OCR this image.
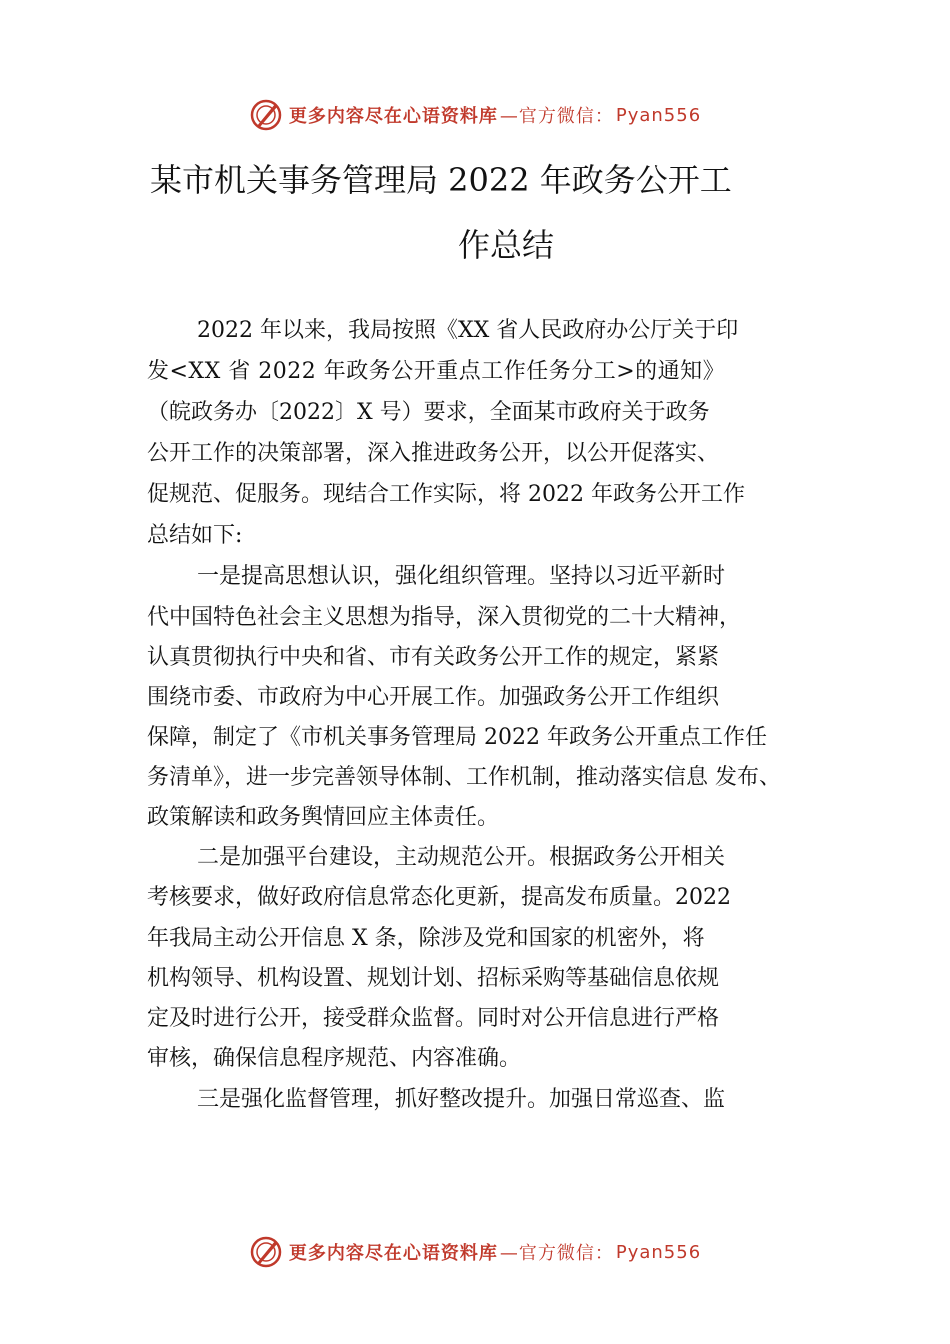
更多内容尽在心语资料库 —官方微信： Pyan556
某市机关事务管理局 2022 年政务公开工
作总结
2022 年以来，我局按照《XX 省人民政府办公厅关于印
发<XX 省 2022 年政务公开重点工作任务分工>的通知》
（皖政务办〔2022〕X 号）要求，全面某市政府关于政务
公开工作的决策部署，深入推进政务公开，以公开促落实、
促规范、促服务。现结合工作实际，将 2022 年政务公开工作
总结如下:
一是提高思想认识，强化组织管理。坚持以习近平新时
代中国特色社会主义思想为指导，深入贯彻党的二十大精神，
认真贯彻执行中央和省、市有关政务公开工作的规定，紧紧
围绕市委、市政府为中心开展工作。加强政务公开工作组织
保障，制定了《市机关事务管理局 2022 年政务公开重点工作任
务清单》，进一步完善领导体制、工作机制，推动落实信息 发布、
政策解读和政务舆情回应主体责任。
二是加强平台建设，主动规范公开。根据政务公开相关
考核要求，做好政府信息常态化更新，提高发布质量。2022
年我局主动公开信息 X 条，除涉及党和国家的机密外，将
机构领导、机构设置、规划计划、招标采购等基础信息依规
定及时进行公开，接受群众监督。同时对公开信息进行严格
审核，确保信息程序规范、内容准确。
三是强化监督管理，抓好整改提升。加强日常巡查、监
更多内容尽在心语资料库 —官方微信： Pyan556
